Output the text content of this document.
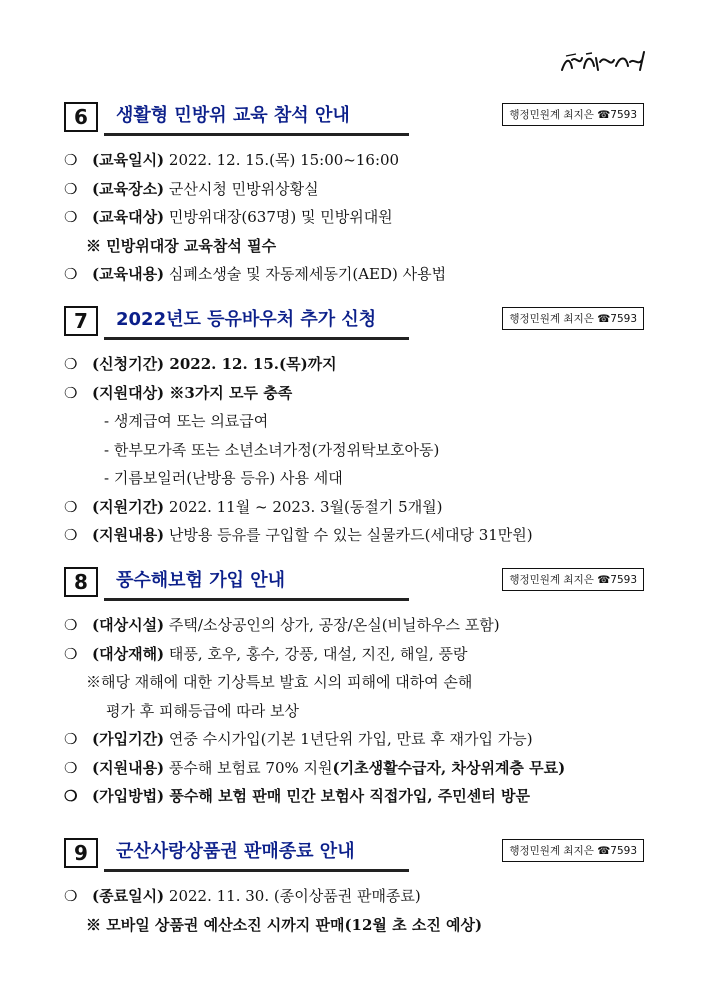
6	생활형 민방위 교육 참석 안내	행정민원계 최지은 ☎7593
❍ (교육일시) 2022. 12. 15.(목) 15:00~16:00
❍ (교육장소) 군산시청 민방위상황실
❍ (교육대상) 민방위대장(637명) 및 민방위대원
※ 민방위대장 교육참석 필수
❍ (교육내용) 심폐소생술 및 자동제세동기(AED) 사용법
7	2022년도 등유바우처 추가 신청	행정민원계 최지은 ☎7593
❍ (신청기간) 2022. 12. 15.(목)까지
❍ (지원대상) ※3가지 모두 충족
- 생계급여 또는 의료급여
- 한부모가족 또는 소년소녀가정(가정위탁보호아동)
- 기름보일러(난방용 등유) 사용 세대
❍ (지원기간) 2022. 11월 ~ 2023. 3월(동절기 5개월)
❍ (지원내용) 난방용 등유를 구입할 수 있는 실물카드(세대당 31만원)
8	풍수해보험 가입 안내	행정민원계 최지은 ☎7593
❍ (대상시설) 주택/소상공인의 상가, 공장/온실(비닐하우스 포함)
❍ (대상재해) 태풍, 호우, 홍수, 강풍, 대설, 지진, 해일, 풍랑
※해당 재해에 대한 기상특보 발효 시의 피해에 대하여 손해
평가 후 피해등급에 따라 보상
❍ (가입기간) 연중 수시가입(기본 1년단위 가입, 만료 후 재가입 가능)
❍ (지원내용) 풍수해 보험료 70% 지원(기초생활수급자, 차상위계층 무료)
❍ (가입방법) 풍수해 보험 판매 민간 보험사 직접가입, 주민센터 방문
9	군산사랑상품권 판매종료 안내	행정민원계 최지은 ☎7593
❍ (종료일시) 2022. 11. 30. (종이상품권 판매종료)
※ 모바일 상품권 예산소진 시까지 판매(12월 초 소진 예상)
